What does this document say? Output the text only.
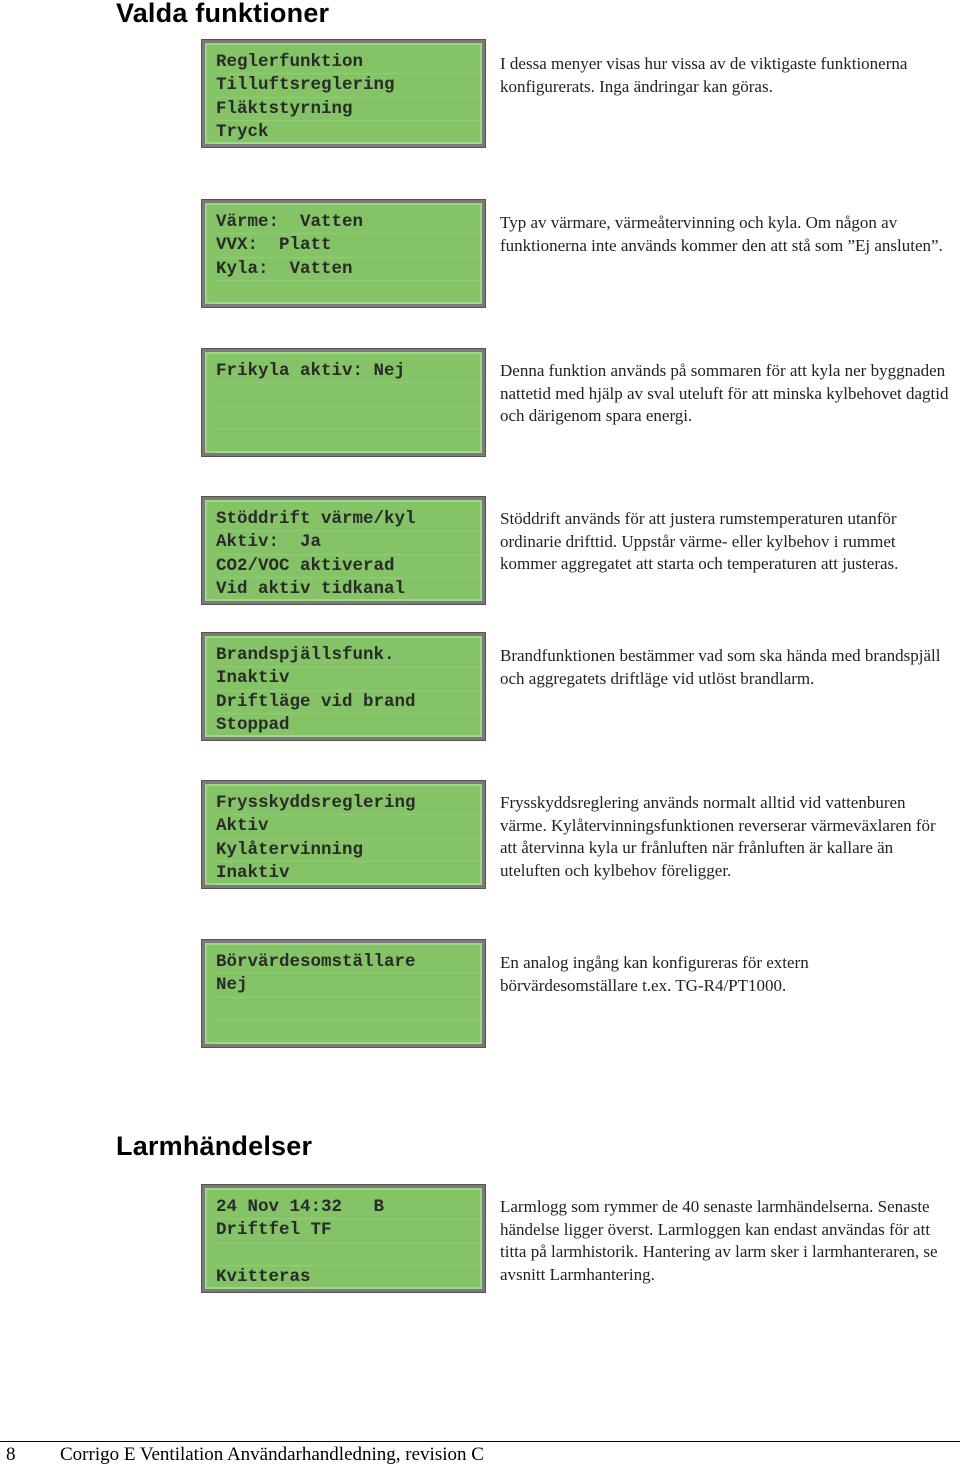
Valda funktioner
Reglerfunktion
Tilluftsreglering
Fläktstyrning
Tryck

I dessa menyer visas hur vissa av de viktigaste funktionerna konfigurerats. Inga ändringar kan göras.

Värme:  Vatten
VVX:  Platt
Kyla:  Vatten

Typ av värmare, värmeåtervinning och kyla. Om någon av funktionerna inte används kommer den att stå som ”Ej ansluten”.

Frikyla aktiv: Nej	Denna funktion används på sommaren för att kyla ner byggnaden nattetid med hjälp av sval uteluft för att minska kylbehovet dagtid och därigenom spara energi.

Stöddrift värme/kyl
Aktiv:  Ja
CO2/VOC aktiverad
Vid aktiv tidkanal

Stöddrift används för att justera rumstemperaturen utanför ordinarie drifttid. Uppstår värme- eller kylbehov i rummet kommer aggregatet att starta och temperaturen att justeras.

Brandspjällsfunk.
Inaktiv
Driftläge vid brand
Stoppad

Brandfunktionen bestämmer vad som ska hända med brandspjäll och aggregatets driftläge vid utlöst brandlarm.

Frysskyddsreglering
Aktiv
Kylåtervinning
Inaktiv

Frysskyddsreglering används normalt alltid vid vattenburen värme. Kylåtervinningsfunktionen reverserar värmeväxlaren för att återvinna kyla ur frånluften när frånluften är kallare än uteluften och kylbehov föreligger.

Börvärdesomställare
Nej

En analog ingång kan konfigureras för extern börvärdesomställare t.ex. TG-R4/PT1000.

Larmhändelser
24 Nov 14:32   B
Driftfel TF
Kvitteras

Larmlogg som rymmer de 40 senaste larmhändelserna. Senaste händelse ligger överst. Larmloggen kan endast användas för att titta på larmhistorik. Hantering av larm sker i larmhanteraren, se avsnitt Larmhantering.

8 Corrigo E Ventilation Användarhandledning, revision C
